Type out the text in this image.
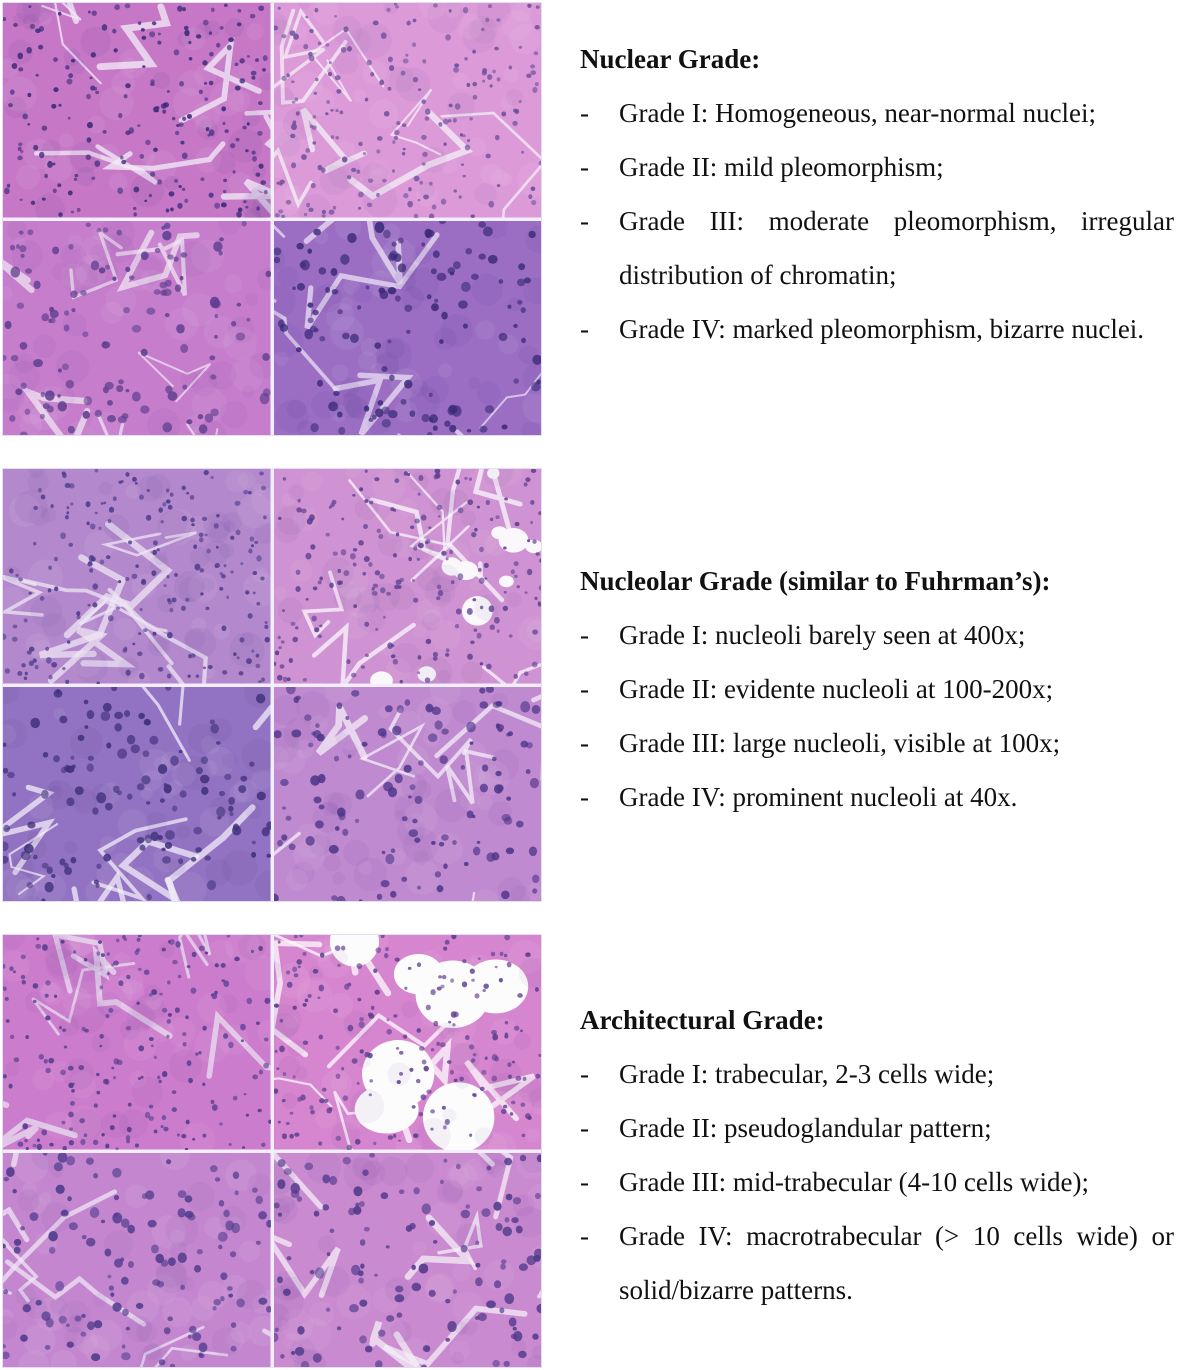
Nuclear Grade:

- Grade I: Homogeneous, near-normal nuclei;
- Grade II: mild pleomorphism;
- Grade III: moderate pleomorphism, irregular distribution of chromatin;
- Grade IV: marked pleomorphism, bizarre nuclei.

Nucleolar Grade (similar to Fuhrman’s):

- Grade I: nucleoli barely seen at 400x;
- Grade II: evidente nucleoli at 100-200x;
- Grade III: large nucleoli, visible at 100x;
- Grade IV: prominent nucleoli at 40x.

Architectural Grade:

- Grade I: trabecular, 2-3 cells wide;
- Grade II: pseudoglandular pattern;
- Grade III: mid-trabecular (4-10 cells wide);
- Grade IV: macrotrabecular (> 10 cells wide) or solid/bizarre patterns.
